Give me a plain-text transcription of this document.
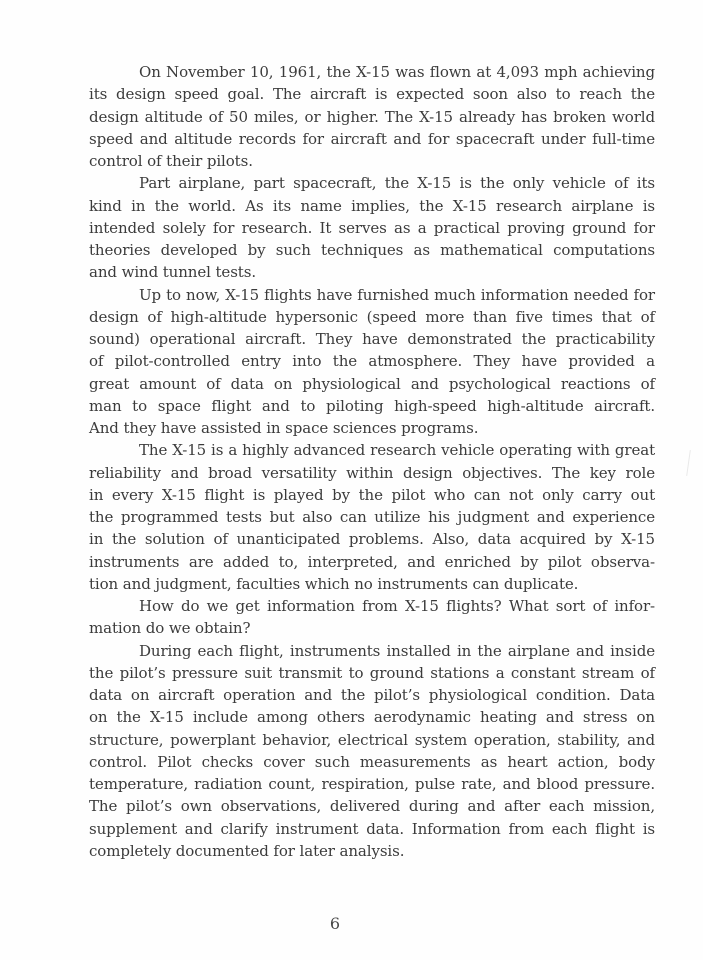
On November 10, 1961, the X-15 was flown at 4,093 mph achieving
its design speed goal. The aircraft is expected soon also to reach the
design altitude of 50 miles, or higher. The X-15 already has broken world
speed and altitude records for aircraft and for spacecraft under full-time
control of their pilots.
Part airplane, part spacecraft, the X-15 is the only vehicle of its
kind in the world. As its name implies, the X-15 research airplane is
intended solely for research. It serves as a practical proving ground for
theories developed by such techniques as mathematical computations
and wind tunnel tests.
Up to now, X-15 flights have furnished much information needed for
design of high-altitude hypersonic (speed more than five times that of
sound) operational aircraft. They have demonstrated the practicability
of pilot-controlled entry into the atmosphere. They have provided a
great amount of data on physiological and psychological reactions of
man to space flight and to piloting high-speed high-altitude aircraft.
And they have assisted in space sciences programs.
The X-15 is a highly advanced research vehicle operating with great
reliability and broad versatility within design objectives. The key role
in every X-15 flight is played by the pilot who can not only carry out
the programmed tests but also can utilize his judgment and experience
in the solution of unanticipated problems. Also, data acquired by X-15
instruments are added to, interpreted, and enriched by pilot observa-
tion and judgment, faculties which no instruments can duplicate.
How do we get information from X-15 flights? What sort of infor-
mation do we obtain?
During each flight, instruments installed in the airplane and inside
the pilot’s pressure suit transmit to ground stations a constant stream of
data on aircraft operation and the pilot’s physiological condition. Data
on the X-15 include among others aerodynamic heating and stress on
structure, powerplant behavior, electrical system operation, stability, and
control. Pilot checks cover such measurements as heart action, body
temperature, radiation count, respiration, pulse rate, and blood pressure.
The pilot’s own observations, delivered during and after each mission,
supplement and clarify instrument data. Information from each flight is
completely documented for later analysis.
6
